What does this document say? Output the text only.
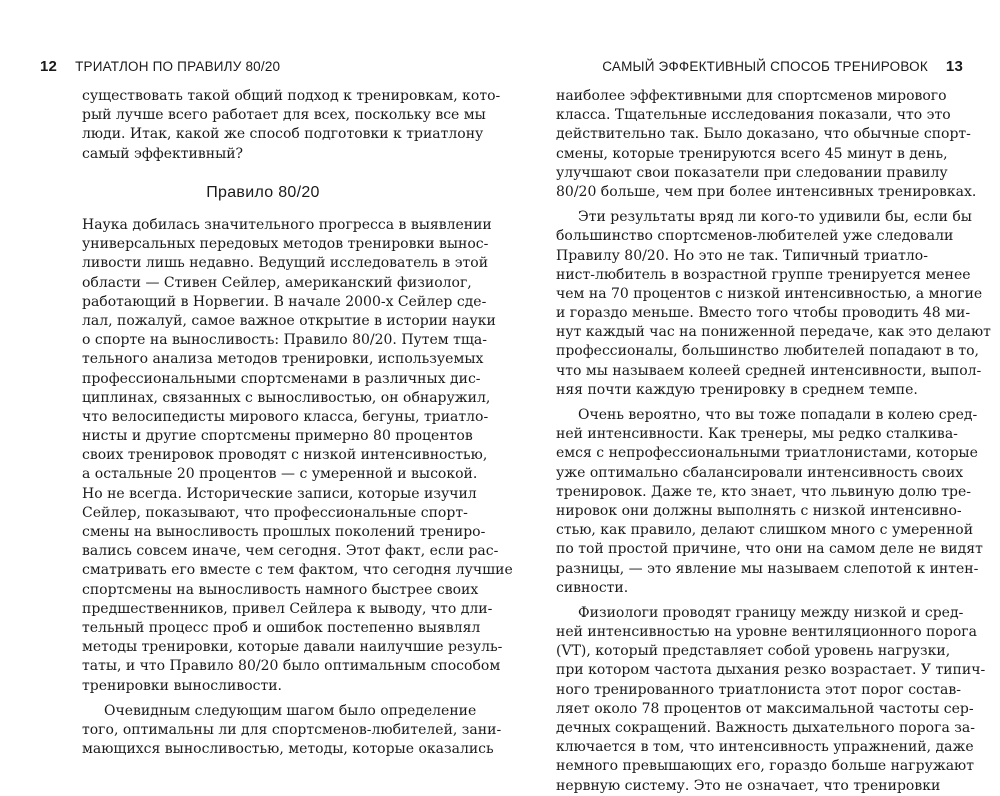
12 ТРИАТЛОН ПО ПРАВИЛУ 80/20
существовать такой общий подход к тренировкам, кото-
рый лучше всего работает для всех, поскольку все мы
люди. Итак, какой же способ подготовки к триатлону
самый эффективный?
Правило 80/20
Наука добилась значительного прогресса в выявлении
универсальных передовых методов тренировки вынос-
ливости лишь недавно. Ведущий исследователь в этой
области — Стивен Сейлер, американский физиолог,
работающий в Норвегии. В начале 2000-х Сейлер сде-
лал, пожалуй, самое важное открытие в истории науки
о спорте на выносливость: Правило 80/20. Путем тща-
тельного анализа методов тренировки, используемых
профессиональными спортсменами в различных дис-
циплинах, связанных с выносливостью, он обнаружил,
что велосипедисты мирового класса, бегуны, триатло-
нисты и другие спортсмены примерно 80 процентов
своих тренировок проводят с низкой интенсивностью,
а остальные 20 процентов — с умеренной и высокой.
Но не всегда. Исторические записи, которые изучил
Сейлер, показывают, что профессиональные спорт-
смены на выносливость прошлых поколений трениро-
вались совсем иначе, чем сегодня. Этот факт, если рас-
сматривать его вместе с тем фактом, что сегодня лучшие
спортсмены на выносливость намного быстрее своих
предшественников, привел Сейлера к выводу, что дли-
тельный процесс проб и ошибок постепенно выявлял
методы тренировки, которые давали наилучшие резуль-
таты, и что Правило 80/20 было оптимальным способом
тренировки выносливости.
Очевидным следующим шагом было определение
того, оптимальны ли для спортсменов-любителей, зани-
мающихся выносливостью, методы, которые оказались
САМЫЙ ЭФФЕКТИВНЫЙ СПОСОБ ТРЕНИРОВОК 13
наиболее эффективными для спортсменов мирового
класса. Тщательные исследования показали, что это
действительно так. Было доказано, что обычные спорт-
смены, которые тренируются всего 45 минут в день,
улучшают свои показатели при следовании правилу
80/20 больше, чем при более интенсивных тренировках.
Эти результаты вряд ли кого-то удивили бы, если бы
большинство спортсменов-любителей уже следовали
Правилу 80/20. Но это не так. Типичный триатло-
нист-любитель в возрастной группе тренируется менее
чем на 70 процентов с низкой интенсивностью, а многие
и гораздо меньше. Вместо того чтобы проводить 48 ми-
нут каждый час на пониженной передаче, как это делают
профессионалы, большинство любителей попадают в то,
что мы называем колеей средней интенсивности, выпол-
няя почти каждую тренировку в среднем темпе.
Очень вероятно, что вы тоже попадали в колею сред-
ней интенсивности. Как тренеры, мы редко сталкива-
емся с непрофессиональными триатлонистами, которые
уже оптимально сбалансировали интенсивность своих
тренировок. Даже те, кто знает, что львиную долю тре-
нировок они должны выполнять с низкой интенсивно-
стью, как правило, делают слишком много с умеренной
по той простой причине, что они на самом деле не видят
разницы, — это явление мы называем слепотой к интен-
сивности.
Физиологи проводят границу между низкой и сред-
ней интенсивностью на уровне вентиляционного порога
(VT), который представляет собой уровень нагрузки,
при котором частота дыхания резко возрастает. У типич-
ного тренированного триатлониста этот порог состав-
ляет около 78 процентов от максимальной частоты сер-
дечных сокращений. Важность дыхательного порога за-
ключается в том, что интенсивность упражнений, даже
немного превышающих его, гораздо больше нагружают
нервную систему. Это не означает, что тренировки
